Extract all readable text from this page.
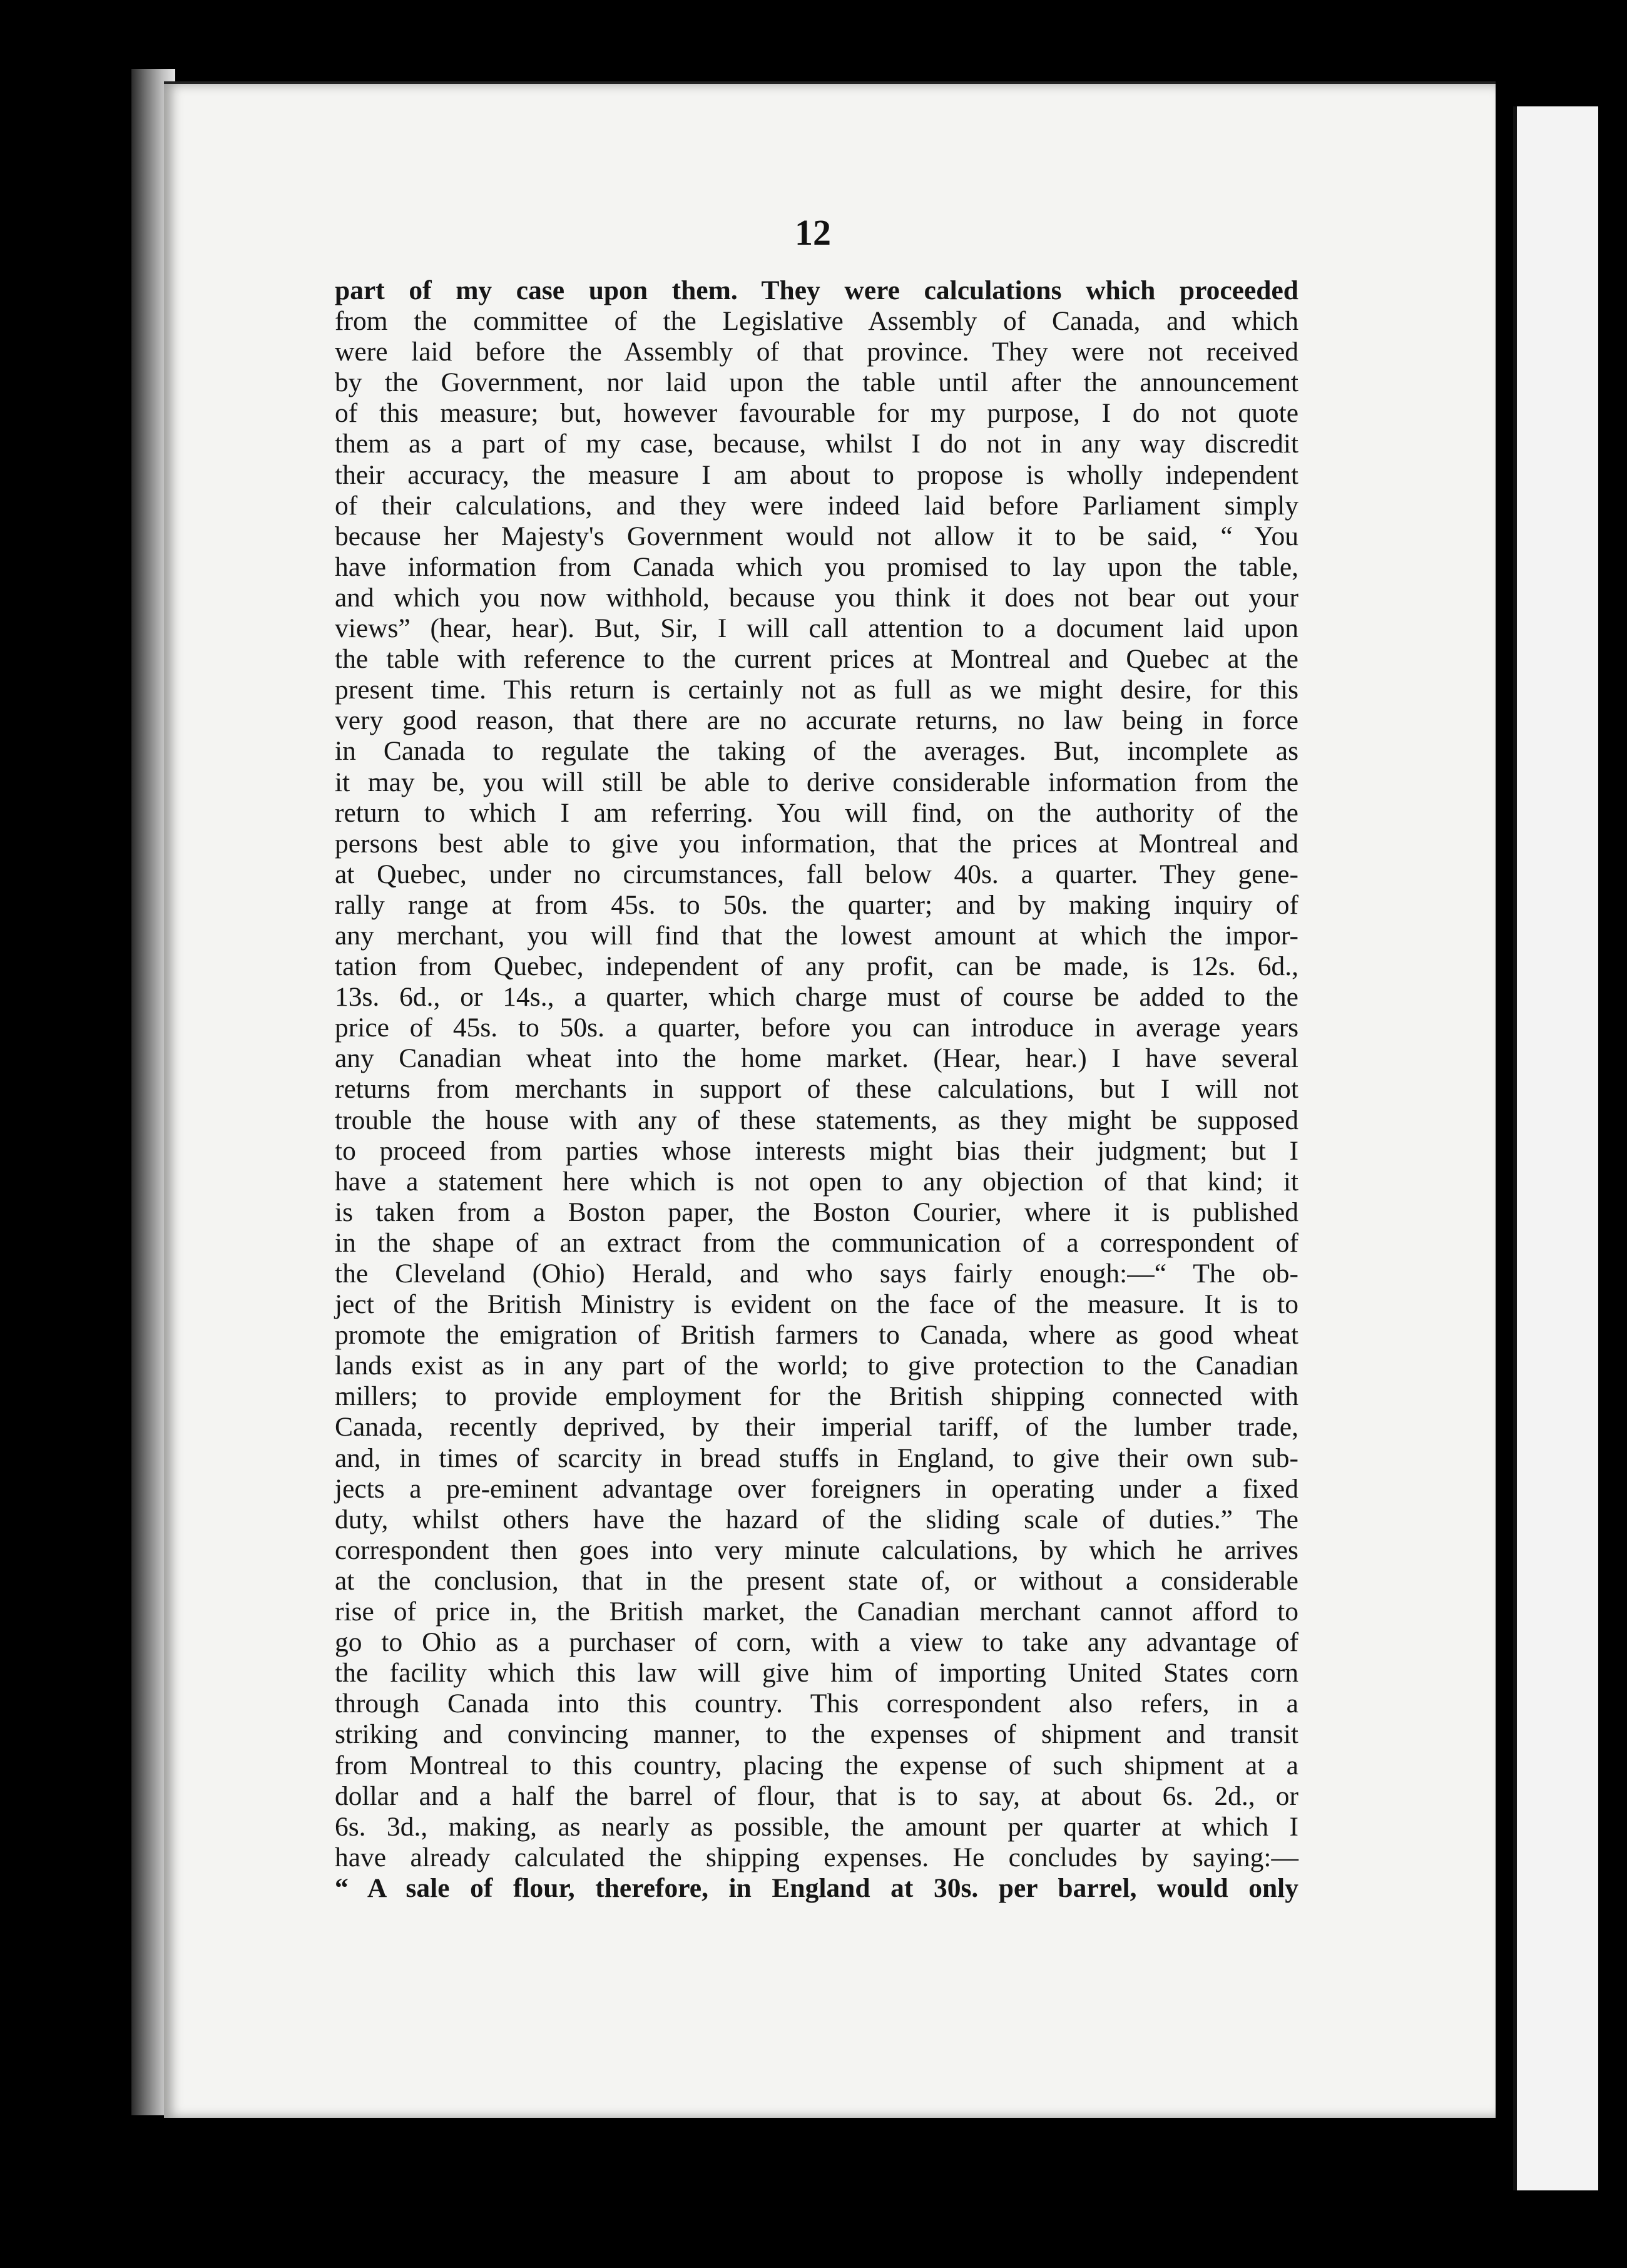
12
part of my case upon them. They were calculations which proceeded
from the committee of the Legislative Assembly of Canada, and which
were laid before the Assembly of that province. They were not received
by the Government, nor laid upon the table until after the announcement
of this measure; but, however favourable for my purpose, I do not quote
them as a part of my case, because, whilst I do not in any way discredit
their accuracy, the measure I am about to propose is wholly independent
of their calculations, and they were indeed laid before Parliament simply
because her Majesty's Government would not allow it to be said, “ You
have information from Canada which you promised to lay upon the table,
and which you now withhold, because you think it does not bear out your
views” (hear, hear). But, Sir, I will call attention to a document laid upon
the table with reference to the current prices at Montreal and Quebec at the
present time. This return is certainly not as full as we might desire, for this
very good reason, that there are no accurate returns, no law being in force
in Canada to regulate the taking of the averages. But, incomplete as
it may be, you will still be able to derive considerable information from the
return to which I am referring. You will find, on the authority of the
persons best able to give you information, that the prices at Montreal and
at Quebec, under no circumstances, fall below 40s. a quarter. They gene-
rally range at from 45s. to 50s. the quarter; and by making inquiry of
any merchant, you will find that the lowest amount at which the impor-
tation from Quebec, independent of any profit, can be made, is 12s. 6d.,
13s. 6d., or 14s., a quarter, which charge must of course be added to the
price of 45s. to 50s. a quarter, before you can introduce in average years
any Canadian wheat into the home market. (Hear, hear.) I have several
returns from merchants in support of these calculations, but I will not
trouble the house with any of these statements, as they might be supposed
to proceed from parties whose interests might bias their judgment; but I
have a statement here which is not open to any objection of that kind; it
is taken from a Boston paper, the Boston Courier, where it is published
in the shape of an extract from the communication of a correspondent of
the Cleveland (Ohio) Herald, and who says fairly enough:—“ The ob-
ject of the British Ministry is evident on the face of the measure. It is to
promote the emigration of British farmers to Canada, where as good wheat
lands exist as in any part of the world; to give protection to the Canadian
millers; to provide employment for the British shipping connected with
Canada, recently deprived, by their imperial tariff, of the lumber trade,
and, in times of scarcity in bread stuffs in England, to give their own sub-
jects a pre-eminent advantage over foreigners in operating under a fixed
duty, whilst others have the hazard of the sliding scale of duties.” The
correspondent then goes into very minute calculations, by which he arrives
at the conclusion, that in the present state of, or without a considerable
rise of price in, the British market, the Canadian merchant cannot afford to
go to Ohio as a purchaser of corn, with a view to take any advantage of
the facility which this law will give him of importing United States corn
through Canada into this country. This correspondent also refers, in a
striking and convincing manner, to the expenses of shipment and transit
from Montreal to this country, placing the expense of such shipment at a
dollar and a half the barrel of flour, that is to say, at about 6s. 2d., or
6s. 3d., making, as nearly as possible, the amount per quarter at which I
have already calculated the shipping expenses. He concludes by saying:—
“ A sale of flour, therefore, in England at 30s. per barrel, would only
